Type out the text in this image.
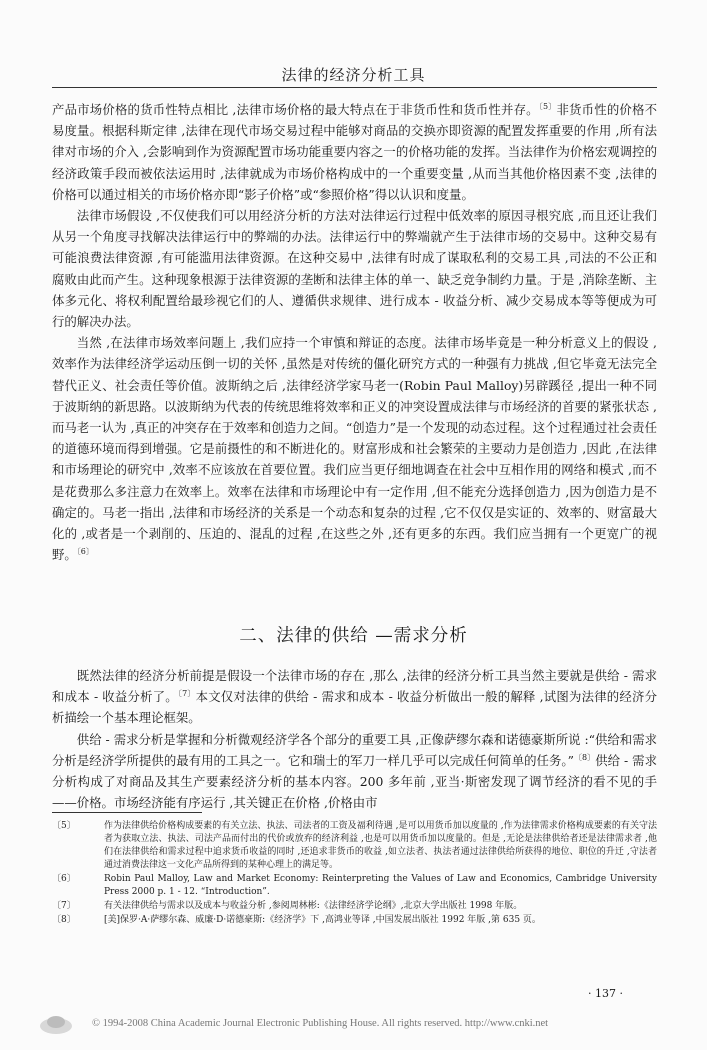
法律的经济分析工具

产品市场价格的货币性特点相比 ,法律市场价格的最大特点在于非货币性和货币性并存。$^{〔5〕}$非货币性的价格不易度量。根据科斯定律 ,法律在现代市场交易过程中能够对商品的交换亦即资源的配置发挥重要的作用 ,所有法律对市场的介入 ,会影响到作为资源配置市场功能重要内容之一的价格功能的发挥。当法律作为价格宏观调控的经济政策手段而被依法运用时 ,法律就成为市场价格构成中的一个重要变量 ,从而当其他价格因素不变 ,法律的价格可以通过相关的市场价格亦即“影子价格”或“参照价格”得以认识和度量。

法律市场假设 ,不仅使我们可以用经济分析的方法对法律运行过程中低效率的原因寻根究底 ,而且还让我们从另一个角度寻找解决法律运行中的弊端的办法。法律运行中的弊端就产生于法律市场的交易中。这种交易有可能浪费法律资源 ,有可能滥用法律资源。在这种交易中 ,法律有时成了谋取私利的交易工具 ,司法的不公正和腐败由此而产生。这种现象根源于法律资源的垄断和法律主体的单一、缺乏竞争制约力量。于是 ,消除垄断、主体多元化、将权利配置给最珍视它们的人、遵循供求规律、进行成本 - 收益分析、减少交易成本等等便成为可行的解决办法。

当然 ,在法律市场效率问题上 ,我们应持一个审慎和辩证的态度。法律市场毕竟是一种分析意义上的假设 ,效率作为法律经济学运动压倒一切的关怀 ,虽然是对传统的僵化研究方式的一种强有力挑战 ,但它毕竟无法完全替代正义、社会责任等价值。波斯纳之后 ,法律经济学家马老一(Robin Paul Malloy)另辟蹊径 ,提出一种不同于波斯纳的新思路。以波斯纳为代表的传统思维将效率和正义的冲突设置成法律与市场经济的首要的紧张状态 ,而马老一认为 ,真正的冲突存在于效率和创造力之间。“创造力”是一个发现的动态过程。这个过程通过社会责任的道德环境而得到增强。它是前摄性的和不断进化的。财富形成和社会繁荣的主要动力是创造力 ,因此 ,在法律和市场理论的研究中 ,效率不应该放在首要位置。我们应当更仔细地调查在社会中互相作用的网络和模式 ,而不是花费那么多注意力在效率上。效率在法律和市场理论中有一定作用 ,但不能充分选择创造力 ,因为创造力是不确定的。马老一指出 ,法律和市场经济的关系是一个动态和复杂的过程 ,它不仅仅是实证的、效率的、财富最大化的 ,或者是一个剥削的、压迫的、混乱的过程 ,在这些之外 ,还有更多的东西。我们应当拥有一个更宽广的视野。$^{〔6〕}$

二、法律的供给 —需求分析

既然法律的经济分析前提是假设一个法律市场的存在 ,那么 ,法律的经济分析工具当然主要就是供给 - 需求和成本 - 收益分析了。$^{〔7〕}$本文仅对法律的供给 - 需求和成本 - 收益分析做出一般的解释 ,试图为法律的经济分析描绘一个基本理论框架。

供给 - 需求分析是掌握和分析微观经济学各个部分的重要工具 ,正像萨缪尔森和诺德豪斯所说 :“供给和需求分析是经济学所提供的最有用的工具之一。它和瑞士的军刀一样几乎可以完成任何简单的任务。”$^{〔8〕}$供给 - 需求分析构成了对商品及其生产要素经济分析的基本内容。200 多年前 ,亚当·斯密发现了调节经济的看不见的手 ——价格。市场经济能有序运行 ,其关键正在价格 ,价格由市

〔5〕	作为法律供给价格构成要素的有关立法、执法、司法者的工资及福利待遇 ,是可以用货币加以度量的 ,作为法律需求价格构成要素的有关守法者为获取立法、执法、司法产品而付出的代价或放弃的经济利益 ,也是可以用货币加以度量的。但是 ,无论是法律供给者还是法律需求者 ,他们在法律供给和需求过程中追求货币收益的同时 ,还追求非货币的收益 ,如立法者、执法者通过法律供给所获得的地位、职位的升迁 ,守法者通过消费法律这一文化产品所得到的某种心理上的满足等。
〔6〕	Robin Paul Malloy, Law and Market Economy: Reinterpreting the Values of Law and Economics, Cambridge University Press 2000 p. 1 - 12. “Introduction”.
〔7〕	有关法律供给与需求以及成本与收益分析 ,参阅周林彬:《法律经济学论纲》,北京大学出版社 1998 年版。
〔8〕	[美]保罗·A·萨缪尔森、威廉·D·诺德豪斯:《经济学》下 ,高鸿业等译 ,中国发展出版社 1992 年版 ,第 635 页。
· 137 ·
© 1994-2008 China Academic Journal Electronic Publishing House. All rights reserved. http://www.cnki.net
